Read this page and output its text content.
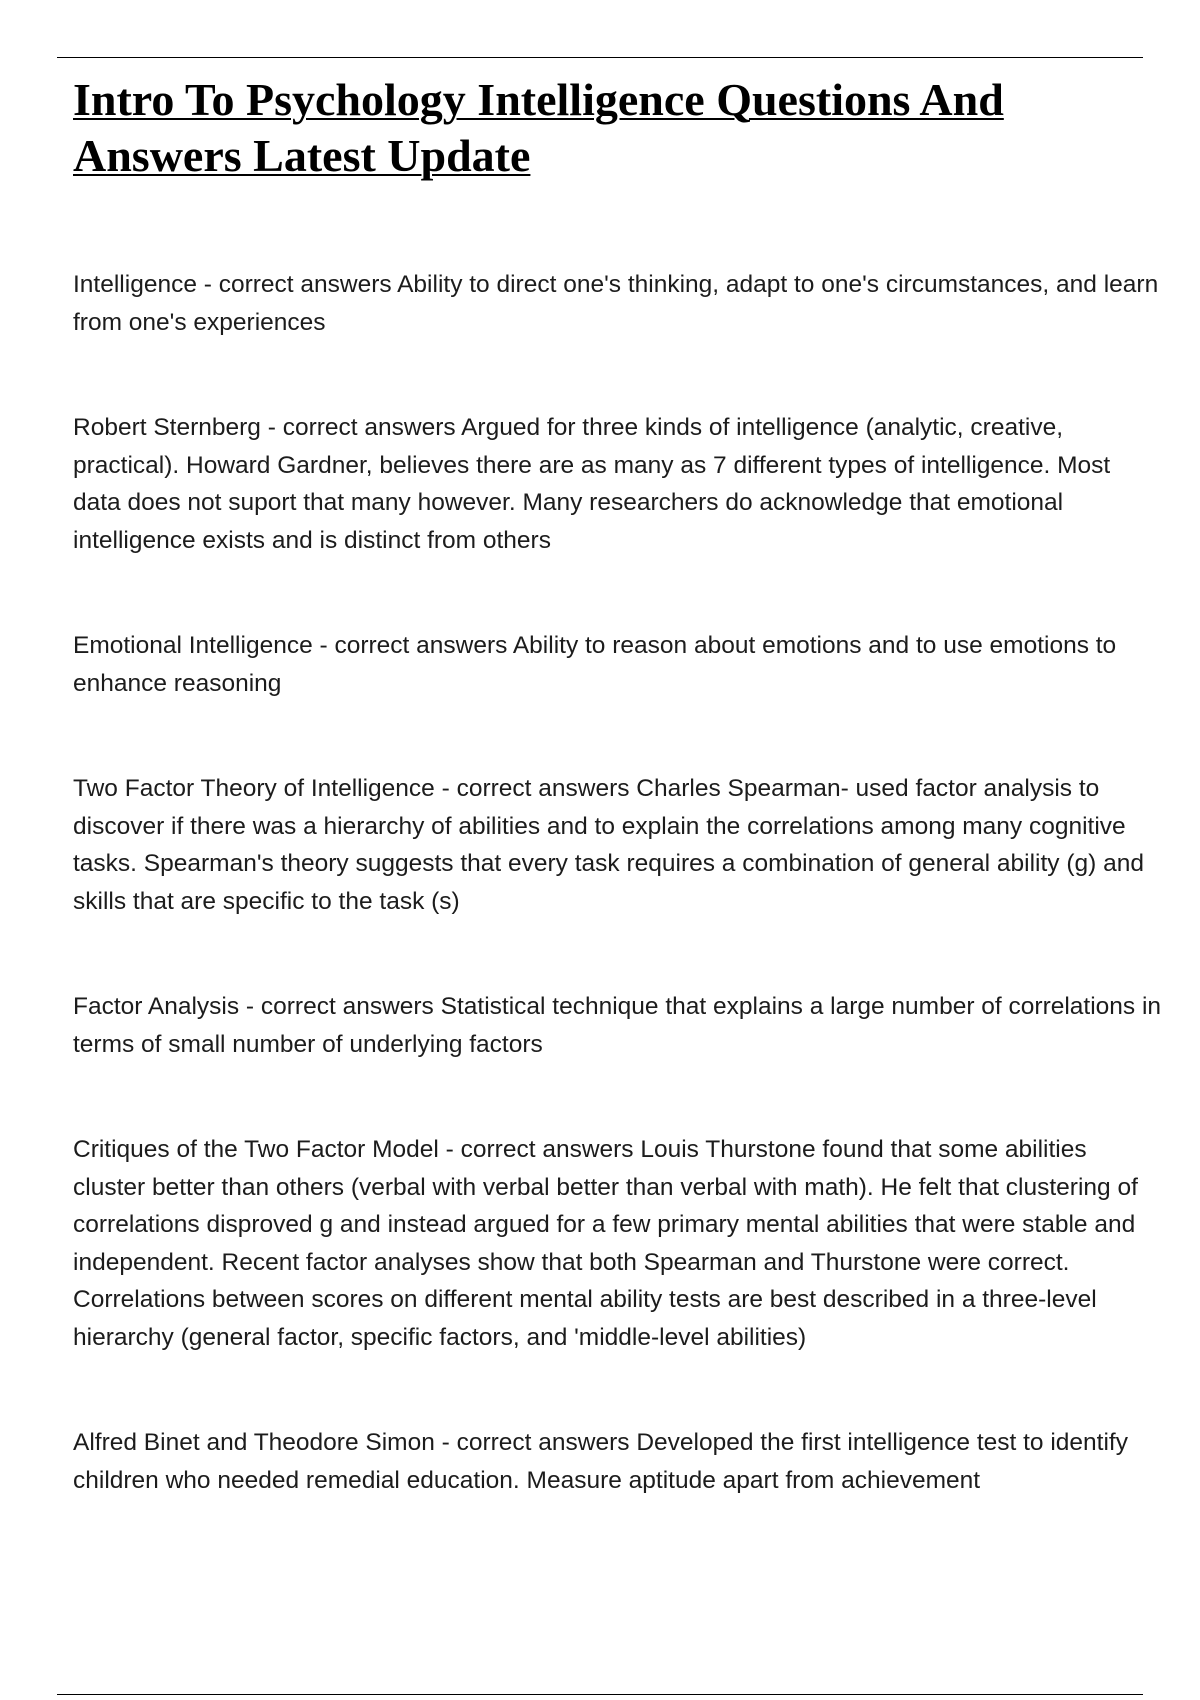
Intro To Psychology Intelligence Questions And Answers Latest Update

Intelligence - correct answers Ability to direct one's thinking, adapt to one's circumstances, and learn from one's experiences

Robert Sternberg - correct answers Argued for three kinds of intelligence (analytic, creative, practical). Howard Gardner, believes there are as many as 7 different types of intelligence. Most data does not suport that many however. Many researchers do acknowledge that emotional intelligence exists and is distinct from others

Emotional Intelligence - correct answers Ability to reason about emotions and to use emotions to enhance reasoning

Two Factor Theory of Intelligence - correct answers Charles Spearman- used factor analysis to discover if there was a hierarchy of abilities and to explain the correlations among many cognitive tasks. Spearman's theory suggests that every task requires a combination of general ability (g) and skills that are specific to the task (s)

Factor Analysis - correct answers Statistical technique that explains a large number of correlations in terms of small number of underlying factors

Critiques of the Two Factor Model - correct answers Louis Thurstone found that some abilities cluster better than others (verbal with verbal better than verbal with math). He felt that clustering of correlations disproved g and instead argued for a few primary mental abilities that were stable and independent. Recent factor analyses show that both Spearman and Thurstone were correct. Correlations between scores on different mental ability tests are best described in a three-level hierarchy (general factor, specific factors, and 'middle-level abilities)

Alfred Binet and Theodore Simon - correct answers Developed the first intelligence test to identify children who needed remedial education. Measure aptitude apart from achievement
